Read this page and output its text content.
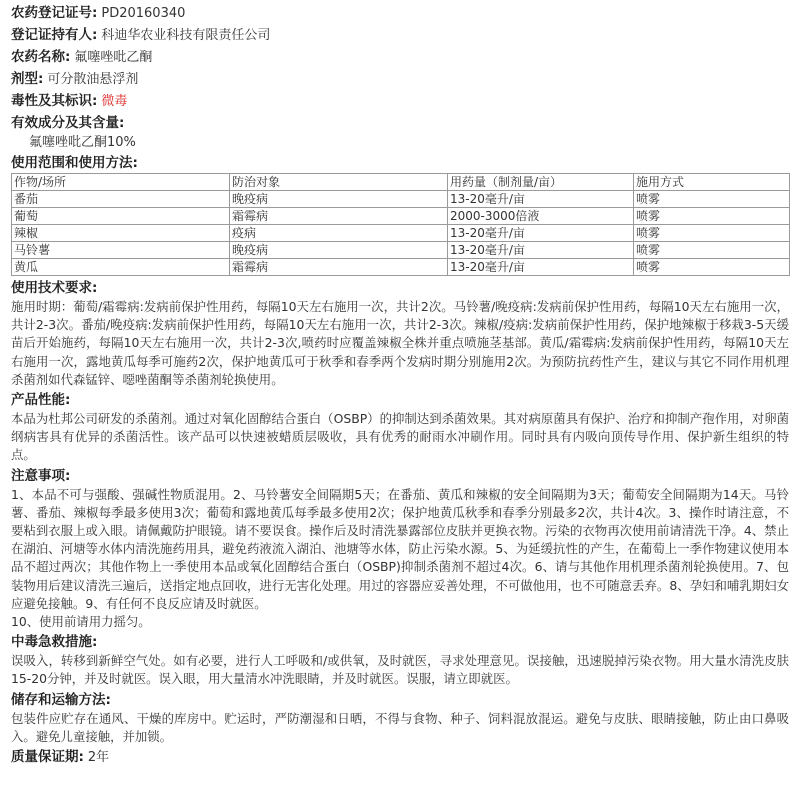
农药登记证号: PD20160340
登记证持有人: 科迪华农业科技有限责任公司
农药名称: 氟噻唑吡乙酮
剂型: 可分散油悬浮剂
毒性及其标识: 微毒
有效成分及其含量:
氟噻唑吡乙酮10%
使用范围和使用方法:
作物/场所	防治对象	用药量（制剂量/亩）	施用方式
番茄	晚疫病	13-20毫升/亩	喷雾
葡萄	霜霉病	2000-3000倍液	喷雾
辣椒	疫病	13-20毫升/亩	喷雾
马铃薯	晚疫病	13-20毫升/亩	喷雾
黄瓜	霜霉病	13-20毫升/亩	喷雾
使用技术要求:

施用时期：葡萄/霜霉病:发病前保护性用药，每隔10天左右施用一次，共计2次。马铃薯/晚疫病:发病前保护性用药，每隔10天左右施用一次，共计2-3次。番茄/晚疫病:发病前保护性用药，每隔10天左右施用一次，共计2-3次。辣椒/疫病:发病前保护性用药，保护地辣椒于移栽3-5天缓苗后开始施药，每隔10天左右施用一次，共计2-3次,喷药时应覆盖辣椒全株并重点喷施茎基部。黄瓜/霜霉病:发病前保护性用药，每隔10天左右施用一次，露地黄瓜每季可施药2次，保护地黄瓜可于秋季和春季两个发病时期分别施用2次。为预防抗药性产生，建议与其它不同作用机理杀菌剂如代森锰锌、噁唑菌酮等杀菌剂轮换使用。

产品性能:

本品为杜邦公司研发的杀菌剂。通过对氧化固醇结合蛋白（OSBP）的抑制达到杀菌效果。其对病原菌具有保护、治疗和抑制产孢作用，对卵菌纲病害具有优异的杀菌活性。该产品可以快速被蜡质层吸收，具有优秀的耐雨水冲刷作用。同时具有内吸向顶传导作用、保护新生组织的特点。

注意事项:

1、本品不可与强酸、强碱性物质混用。2、马铃薯安全间隔期5天；在番茄、黄瓜和辣椒的安全间隔期为3天；葡萄安全间隔期为14天。马铃薯、番茄、辣椒每季最多使用3次；葡萄和露地黄瓜每季最多使用2次；保护地黄瓜秋季和春季分别最多2次，共计4次。3、操作时请注意，不要粘到衣服上或入眼。请佩戴防护眼镜。请不要误食。操作后及时清洗暴露部位皮肤并更换衣物。污染的衣物再次使用前请清洗干净。4、禁止在湖泊、河塘等水体内清洗施药用具，避免药液流入湖泊、池塘等水体，防止污染水源。5、为延缓抗性的产生，在葡萄上一季作物建议使用本品不超过两次；其他作物上一季使用本品或氧化固醇结合蛋白（OSBP)抑制杀菌剂不超过4次。6、请与其他作用机理杀菌剂轮换使用。7、包装物用后建议清洗三遍后，送指定地点回收，进行无害化处理。用过的容器应妥善处理，不可做他用，也不可随意丢弃。8、孕妇和哺乳期妇女应避免接触。9、有任何不良反应请及时就医。

10、使用前请用力摇匀。

中毒急救措施:

误吸入，转移到新鲜空气处。如有必要，进行人工呼吸和/或供氧，及时就医，寻求处理意见。误接触，迅速脱掉污染衣物。用大量水清洗皮肤15-20分钟，并及时就医。误入眼，用大量清水冲洗眼睛，并及时就医。误服，请立即就医。

储存和运输方法:

包装件应贮存在通风、干燥的库房中。贮运时，严防潮湿和日晒，不得与食物、种子、饲料混放混运。避免与皮肤、眼睛接触，防止由口鼻吸入。避免儿童接触，并加锁。

质量保证期: 2年
